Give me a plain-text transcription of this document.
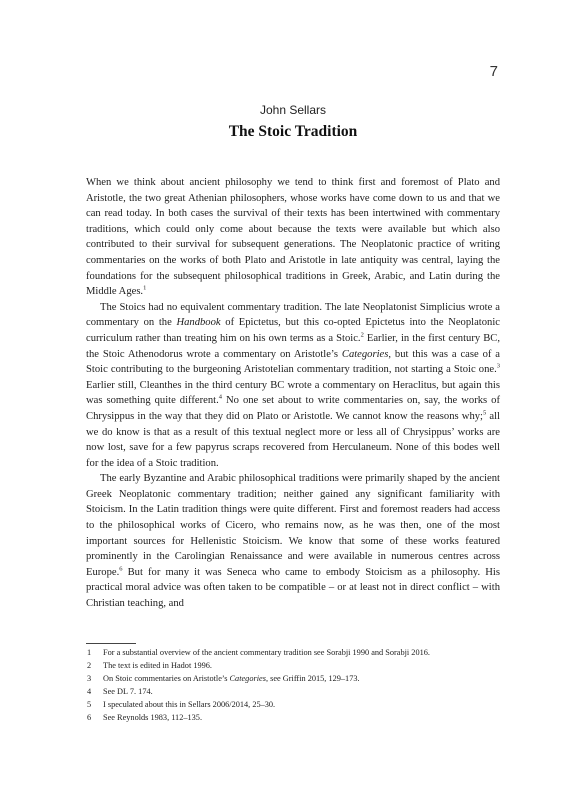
7
John Sellars
The Stoic Tradition

When we think about ancient philosophy we tend to think first and foremost of Plato and Aristotle, the two great Athenian philosophers, whose works have come down to us and that we can read today. In both cases the survival of their texts has been intertwined with commentary traditions, which could only come about because the texts were available but which also contributed to their survival for subsequent generations. The Neoplatonic practice of writing commentaries on the works of both Plato and Aristotle in late antiquity was central, laying the foundations for the subsequent philosophical traditions in Greek, Arabic, and Latin during the Middle Ages.$^1$

The Stoics had no equivalent commentary tradition. The late Neoplatonist Simplicius wrote a commentary on the Handbook of Epictetus, but this co-opted Epictetus into the Neoplatonic curriculum rather than treating him on his own terms as a Stoic.$^2$ Earlier, in the first century BC, the Stoic Athenodorus wrote a commentary on Aristotle’s Categories, but this was a case of a Stoic contributing to the burgeoning Aristotelian commentary tradition, not starting a Stoic one.$^3$ Earlier still, Cleanthes in the third century BC wrote a commentary on Heraclitus, but again this was something quite different.$^4$ No one set about to write commentaries on, say, the works of Chrysippus in the way that they did on Plato or Aristotle. We cannot know the reasons why;$^5$ all we do know is that as a result of this textual neglect more or less all of Chrysippus’ works are now lost, save for a few papyrus scraps recovered from Herculaneum. None of this bodes well for the idea of a Stoic tradition.

The early Byzantine and Arabic philosophical traditions were primarily shaped by the ancient Greek Neoplatonic commentary tradition; neither gained any significant familiarity with Stoicism. In the Latin tradition things were quite different. First and foremost readers had access to the philosophical works of Cicero, who remains now, as he was then, one of the most important sources for Hellenistic Stoicism. We know that some of these works featured prominently in the Carolingian Renaissance and were available in numerous centres across Europe.$^6$ But for many it was Seneca who came to embody Stoicism as a philosophy. His practical moral advice was often taken to be compatible – or at least not in direct conflict – with Christian teaching, and

1	For a substantial overview of the ancient commentary tradition see Sorabji 1990 and Sorabji 2016.
2	The text is edited in Hadot 1996.
3	On Stoic commentaries on Aristotle’s Categories, see Griffin 2015, 129–173.
4	See DL 7. 174.
5	I speculated about this in Sellars 2006/2014, 25–30.
6	See Reynolds 1983, 112–135.
